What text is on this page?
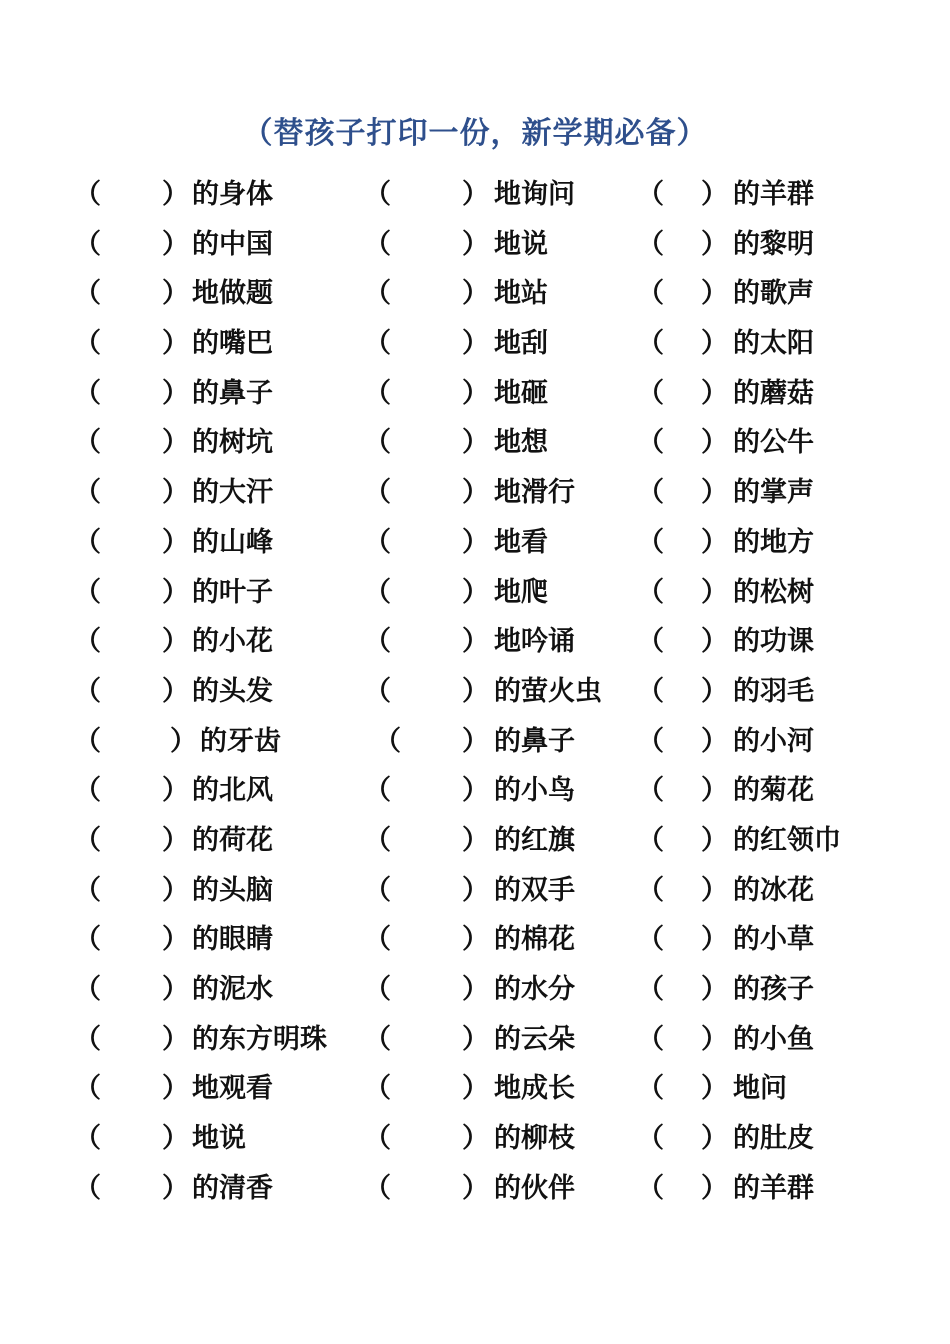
（替孩子打印一份，新学期必备）
（ ） 的身体	（	） 地询问 （ ） 的羊群
（ ） 的中国	（	） 地说	（ ） 的黎明
（ ） 地做题	（	） 地站	（ ） 的歌声
（ ） 的嘴巴	（	） 地刮	（ ） 的太阳
（ ） 的鼻子	（	） 地砸	（ ） 的蘑菇
（ ） 的树坑	（	） 地想	（ ） 的公牛
（ ） 的大汗	（	） 地滑行 （ ） 的掌声
（ ） 的山峰	（	） 地看	（ ） 的地方
（ ） 的叶子	（	） 地爬	（ ） 的松树
（ ） 的小花	（	） 地吟诵 （ ） 的功课
（ ） 的头发	（	） 的萤火虫 （ ） 的羽毛
（	） 的牙齿	（ ） 的鼻子 （ ） 的小河
（ ） 的北风	（	） 的小鸟 （ ） 的菊花
（ ） 的荷花	（	） 的红旗 （ ） 的红领巾
（ ） 的头脑	（	） 的双手 （ ） 的冰花
（ ） 的眼睛	（	） 的棉花 （ ） 的小草
（ ） 的泥水	（	） 的水分 （ ） 的孩子
（ ） 的东方明珠 （	） 的云朵 （ ） 的小鱼
（ ） 地观看	（	） 地成长 （ ） 地问
（ ） 地说	（	） 的柳枝 （ ） 的肚皮
（ ） 的清香	（	） 的伙伴 （ ） 的羊群
